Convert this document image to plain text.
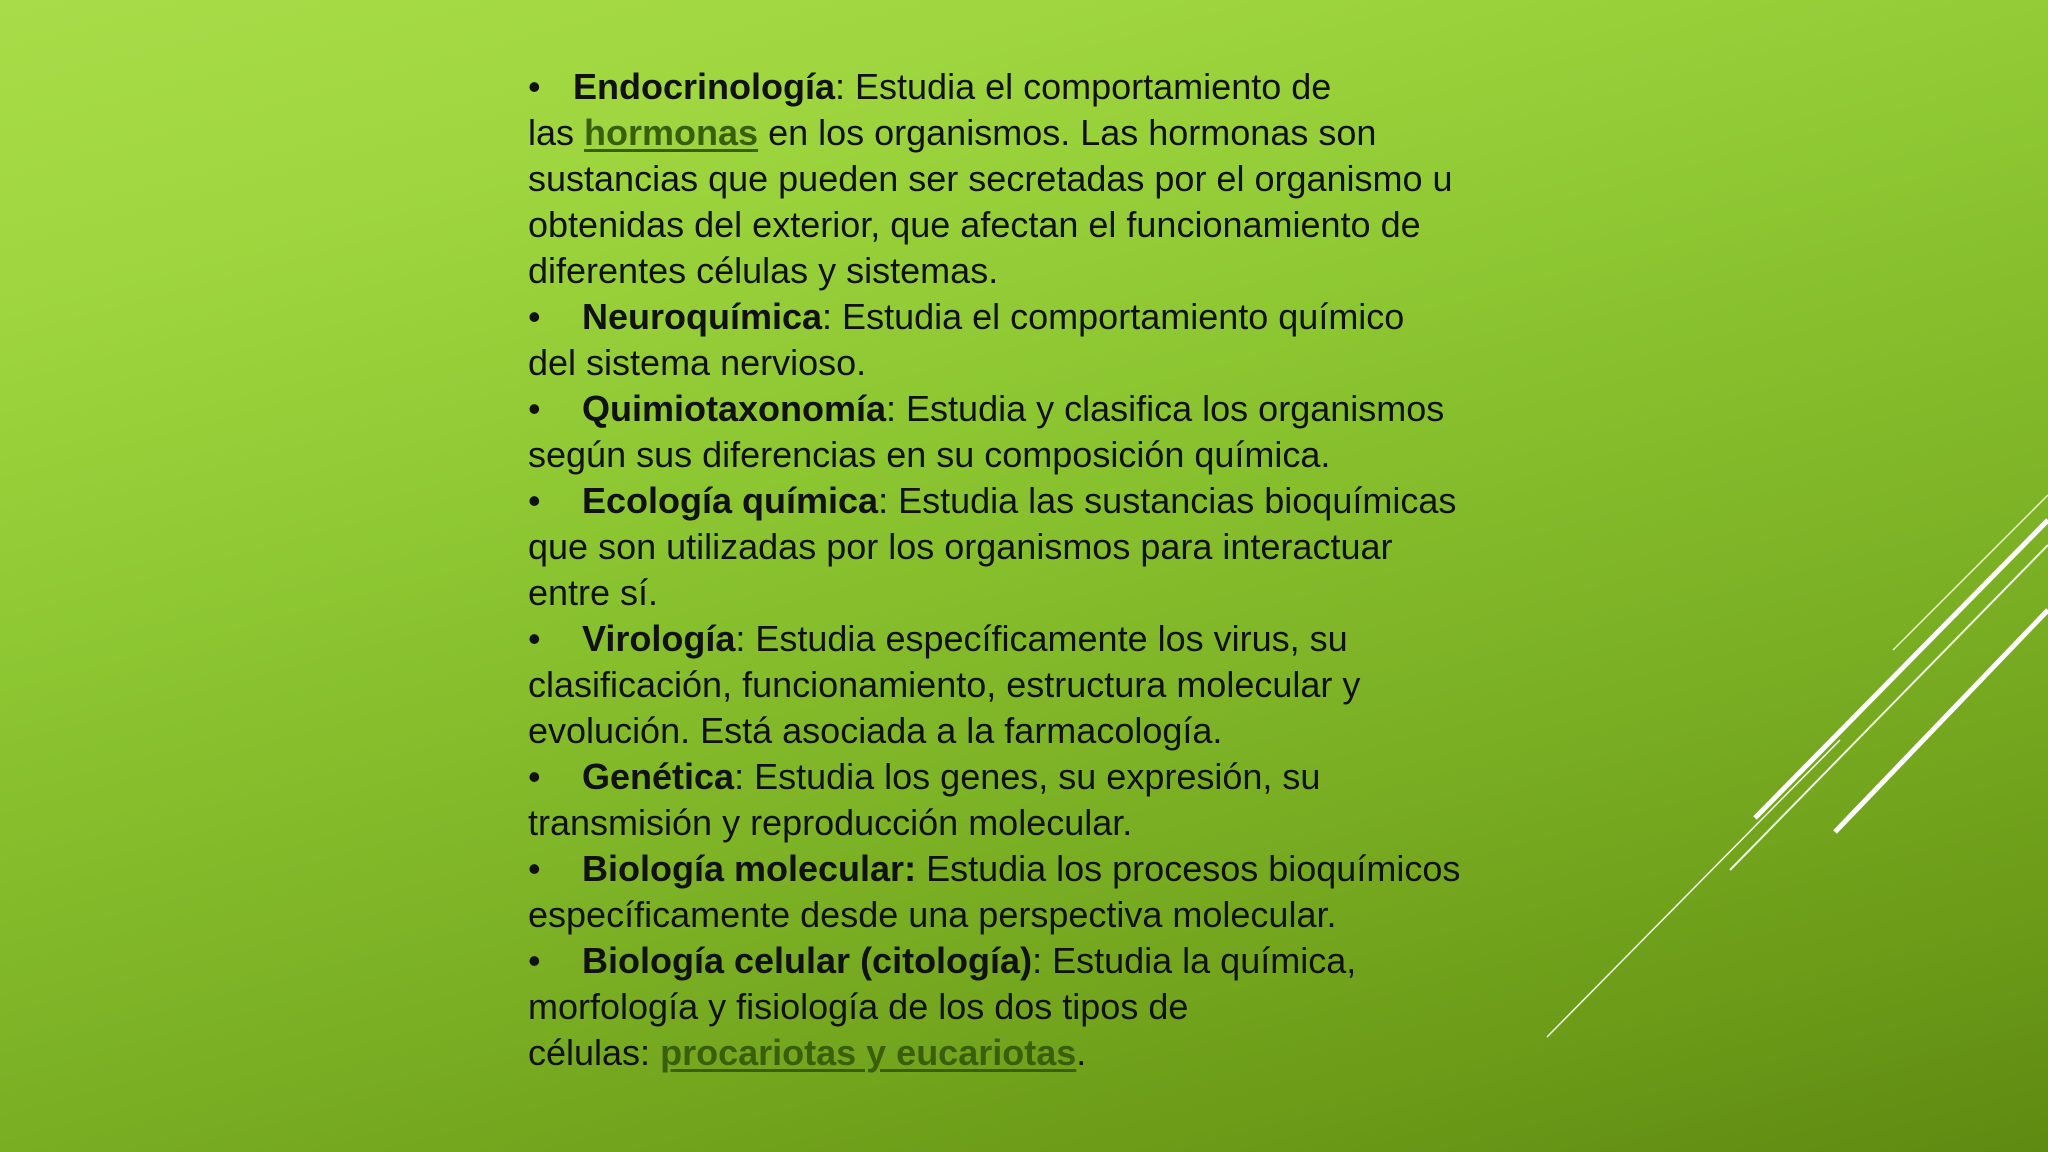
• Endocrinología: Estudia el comportamiento de
las hormonas en los organismos. Las hormonas son
sustancias que pueden ser secretadas por el organismo u
obtenidas del exterior, que afectan el funcionamiento de
diferentes células y sistemas.

• Neuroquímica: Estudia el comportamiento químico
del sistema nervioso.

• Quimiotaxonomía: Estudia y clasifica los organismos
según sus diferencias en su composición química.

• Ecología química: Estudia las sustancias bioquímicas
que son utilizadas por los organismos para interactuar
entre sí.

• Virología: Estudia específicamente los virus, su
clasificación, funcionamiento, estructura molecular y
evolución. Está asociada a la farmacología.

• Genética: Estudia los genes, su expresión, su
transmisión y reproducción molecular.

• Biología molecular: Estudia los procesos bioquímicos
específicamente desde una perspectiva molecular.

• Biología celular (citología): Estudia la química,
morfología y fisiología de los dos tipos de
células: procariotas y eucariotas.
